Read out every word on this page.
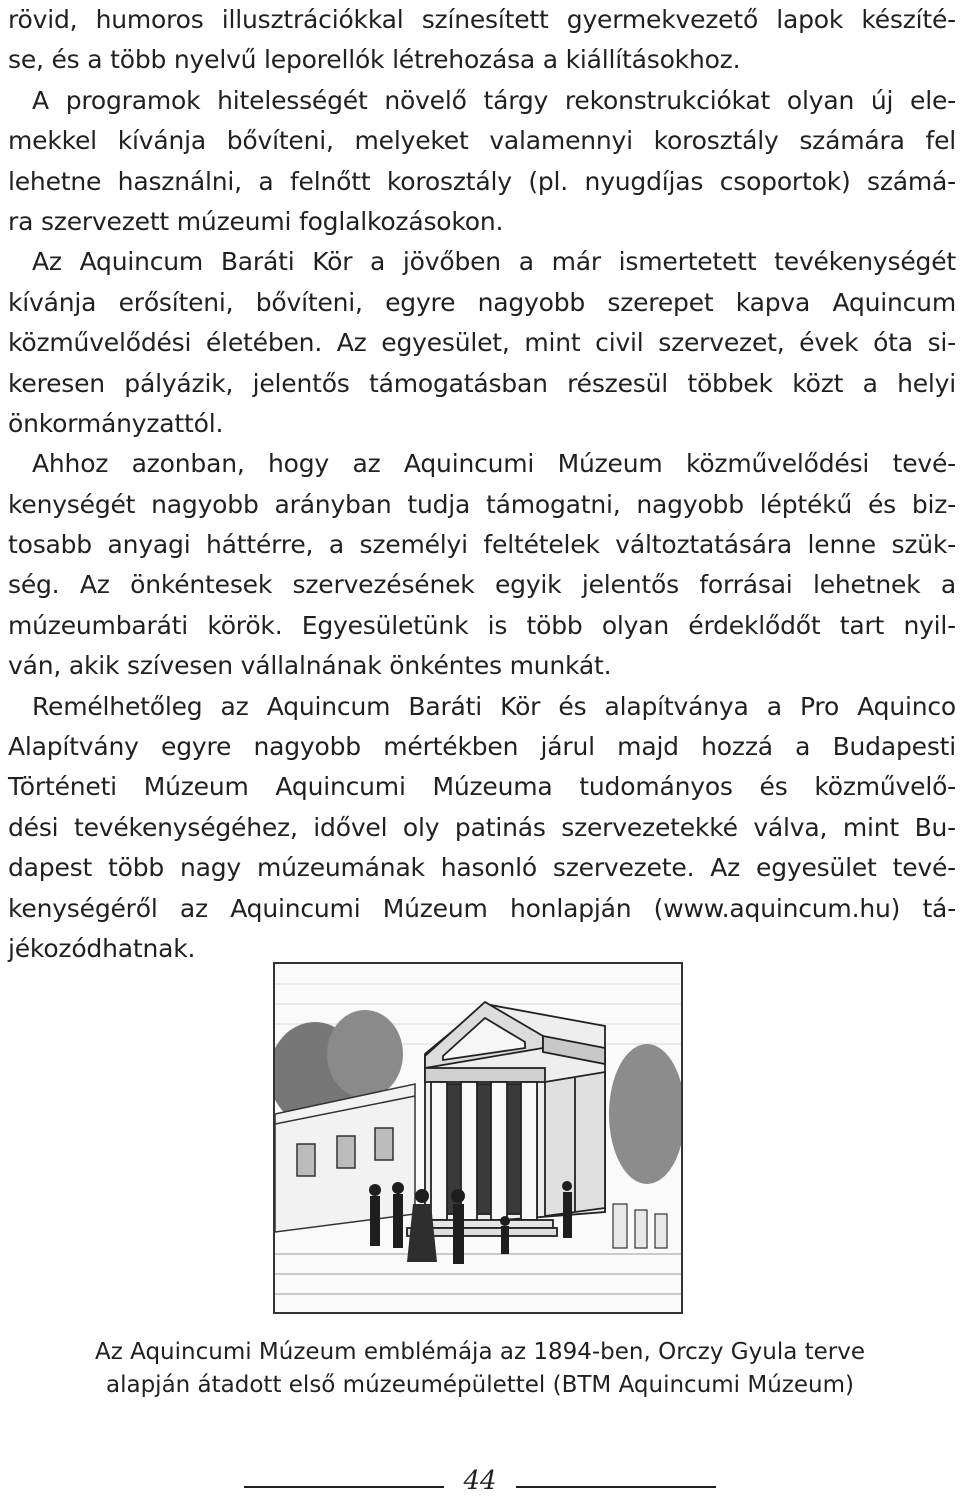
rövid, humoros illusztrációkkal színesített gyermekvezető lapok készíté-
se, és a több nyelvű leporellók létrehozása a kiállításokhoz.
A programok hitelességét növelő tárgy rekonstrukciókat olyan új ele-
mekkel kívánja bővíteni, melyeket valamennyi korosztály számára fel
lehetne használni, a felnőtt korosztály (pl. nyugdíjas csoportok) számá-
ra szervezett múzeumi foglalkozásokon.
Az Aquincum Baráti Kör a jövőben a már ismertetett tevékenységét
kívánja erősíteni, bővíteni, egyre nagyobb szerepet kapva Aquincum
közművelődési életében. Az egyesület, mint civil szervezet, évek óta si-
keresen pályázik, jelentős támogatásban részesül többek közt a helyi
önkormányzattól.
Ahhoz azonban, hogy az Aquincumi Múzeum közművelődési tevé-
kenységét nagyobb arányban tudja támogatni, nagyobb léptékű és biz-
tosabb anyagi háttérre, a személyi feltételek változtatására lenne szük-
ség. Az önkéntesek szervezésének egyik jelentős forrásai lehetnek a
múzeumbaráti körök. Egyesületünk is több olyan érdeklődőt tart nyil-
ván, akik szívesen vállalnának önkéntes munkát.
Remélhetőleg az Aquincum Baráti Kör és alapítványa a Pro Aquinco
Alapítvány egyre nagyobb mértékben járul majd hozzá a Budapesti
Történeti Múzeum Aquincumi Múzeuma tudományos és közművelő-
dési tevékenységéhez, idővel oly patinás szervezetekké válva, mint Bu-
dapest több nagy múzeumának hasonló szervezete. Az egyesület tevé-
kenységéről az Aquincumi Múzeum honlapján (www.aquincum.hu) tá-
jékozódhatnak.
Az Aquincumi Múzeum emblémája az 1894-ben, Orczy Gyula terve
alapján átadott első múzeumépülettel (BTM Aquincumi Múzeum)
44
